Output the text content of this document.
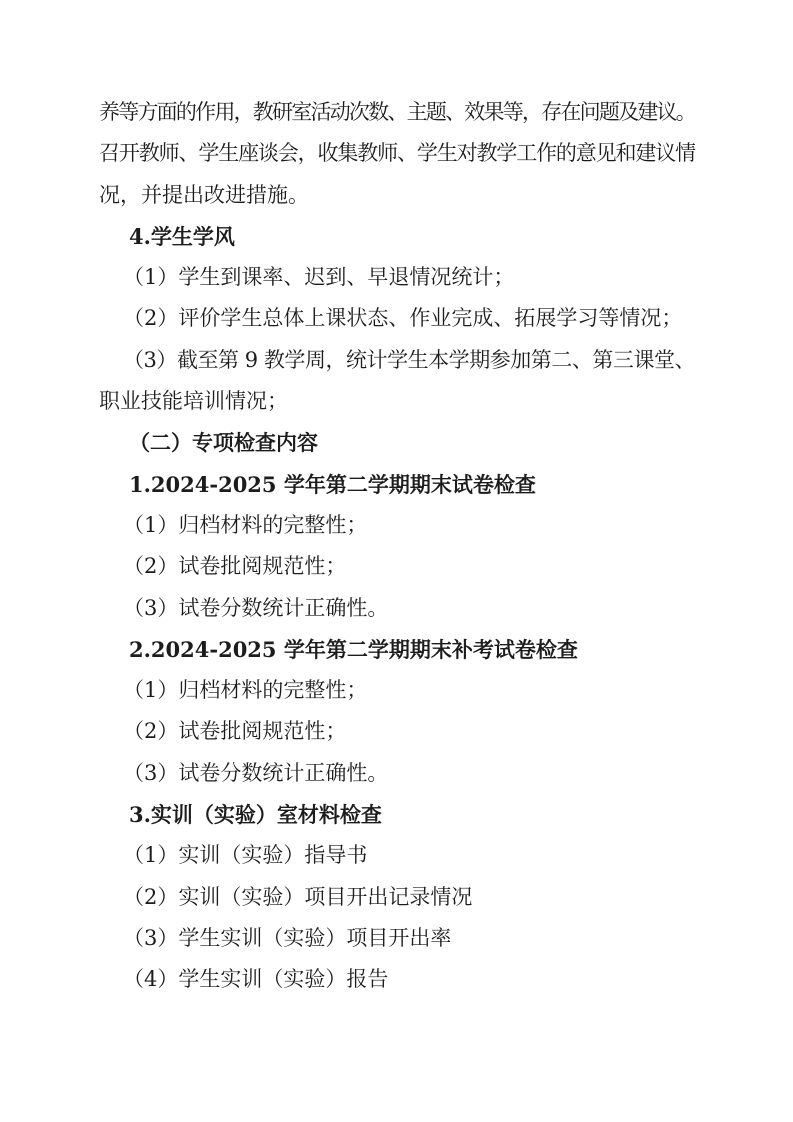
养等方面的作用，教研室活动次数、主题、效果等，存在问题及建议。
召开教师、学生座谈会，收集教师、学生对教学工作的意见和建议情
况，并提出改进措施。
4.学生学风
（1）学生到课率、迟到、早退情况统计；
（2）评价学生总体上课状态、作业完成、拓展学习等情况；
（3）截至第 9 教学周，统计学生本学期参加第二、第三课堂、
职业技能培训情况；
（二）专项检查内容
1.2024-2025 学年第二学期期末试卷检查
（1）归档材料的完整性；
（2）试卷批阅规范性；
（3）试卷分数统计正确性。
2.2024-2025 学年第二学期期末补考试卷检查
（1）归档材料的完整性；
（2）试卷批阅规范性；
（3）试卷分数统计正确性。
3.实训（实验）室材料检查
（1）实训（实验）指导书
（2）实训（实验）项目开出记录情况
（3）学生实训（实验）项目开出率
（4）学生实训（实验）报告
